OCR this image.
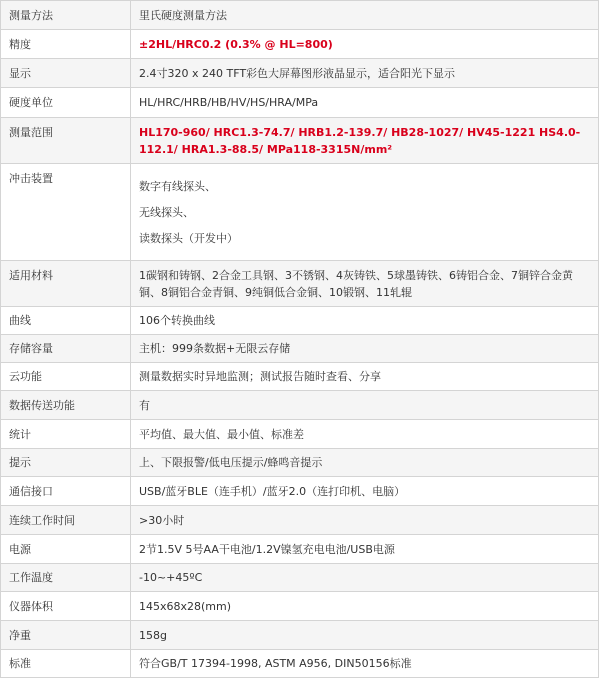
测量方法	里氏硬度测量方法
精度	±2HL/HRC0.2 (0.3% @ HL=800)
显示	2.4寸320 x 240 TFT彩色大屏幕图形液晶显示，适合阳光下显示
硬度单位	HL/HRC/HRB/HB/HV/HS/HRA/MPa
测量范围	HL170-960/ HRC1.3-74.7/ HRB1.2-139.7/ HB28-1027/ HV45-1221 HS4.0-112.1/ HRA1.3-88.5/ MPa118-3315N/mm²
冲击装置	数字有线探头、
无线探头、
读数探头（开发中）

适用材料	1碳钢和铸钢、2合金工具钢、3不锈钢、4灰铸铁、5球墨铸铁、6铸铝合金、7铜锌合金黄铜、8铜铝合金青铜、9纯铜低合金铜、10锻钢、11轧辊
曲线	106个转换曲线
存储容量	主机：999条数据+无限云存储
云功能	测量数据实时异地监测；测试报告随时查看、分享
数据传送功能	有
统计	平均值、最大值、最小值、标准差
提示	上、下限报警/低电压提示/蜂鸣音提示
通信接口	USB/蓝牙BLE（连手机）/蓝牙2.0（连打印机、电脑）
连续工作时间	>30小时
电源	2节1.5V 5号AA干电池/1.2V镍氢充电电池/USB电源
工作温度	-10~+45ºC
仪器体积	145x68x28(mm)
净重	158g
标准	符合GB/T 17394-1998, ASTM A956, DIN50156标准
